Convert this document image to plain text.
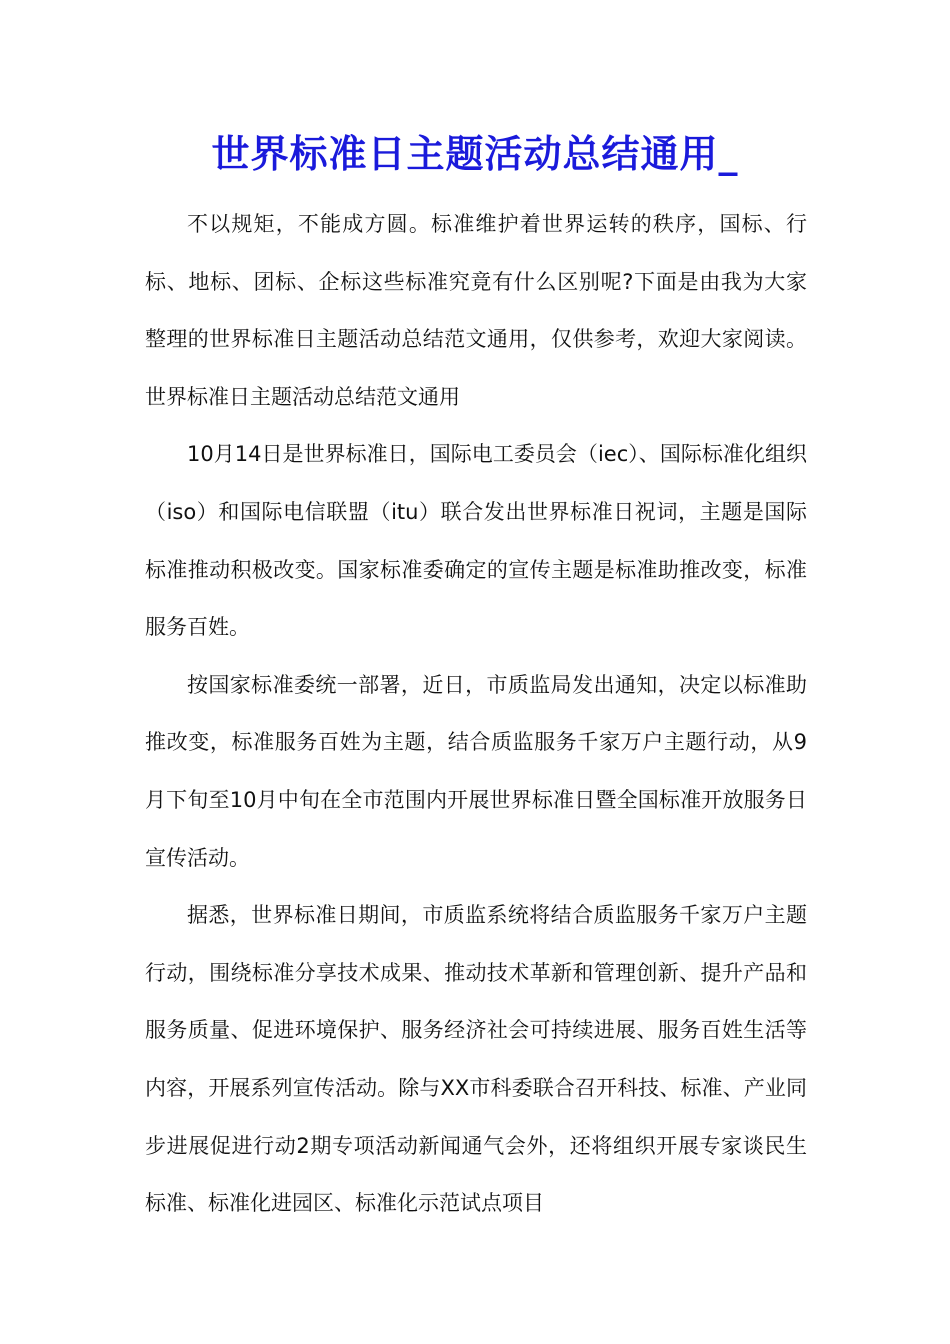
世界标准日主题活动总结通用_

不以规矩，不能成方圆。标准维护着世界运转的秩序，国标、行标、地标、团标、企标这些标准究竟有什么区别呢?下面是由我为大家整理的世界标准日主题活动总结范文通用，仅供参考，欢迎大家阅读。世界标准日主题活动总结范文通用

10月14日是世界标准日，国际电工委员会（iec）、国际标准化组织（iso）和国际电信联盟（itu）联合发出世界标准日祝词，主题是国际标准推动积极改变。国家标准委确定的宣传主题是标准助推改变，标准服务百姓。

按国家标准委统一部署，近日，市质监局发出通知，决定以标准助推改变，标准服务百姓为主题，结合质监服务千家万户主题行动，从9月下旬至10月中旬在全市范围内开展世界标准日暨全国标准开放服务日宣传活动。

据悉，世界标准日期间，市质监系统将结合质监服务千家万户主题行动，围绕标准分享技术成果、推动技术革新和管理创新、提升产品和服务质量、促进环境保护、服务经济社会可持续进展、服务百姓生活等内容，开展系列宣传活动。除与XX市科委联合召开科技、标准、产业同步进展促进行动2期专项活动新闻通气会外，还将组织开展专家谈民生标准、标准化进园区、标准化示范试点项目
